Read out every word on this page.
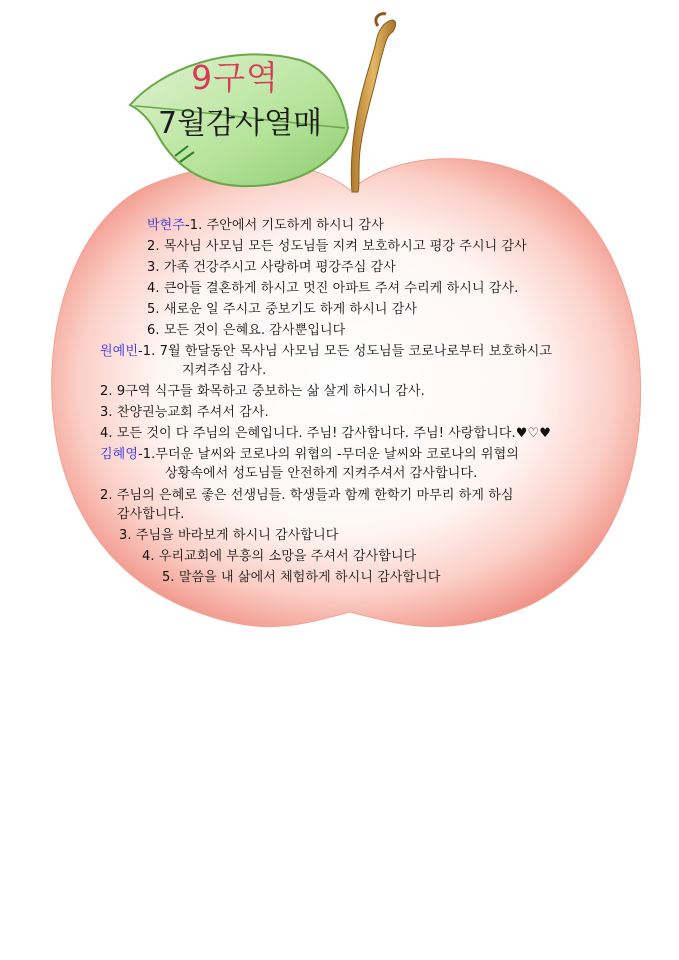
9구역
7월감사열매
박현주-1. 주안에서 기도하게 하시니 감사
2. 목사님 사모님 모든 성도님들 지켜 보호하시고 평강 주시니 감사
3. 가족 건강주시고 사랑하며 평강주심 감사
4. 큰아들 결혼하게 하시고 멋진 아파트 주셔 수리케 하시니 감사.
5. 새로운 일 주시고 중보기도 하게 하시니 감사
6. 모든 것이 은혜요. 감사뿐입니다
원예빈-1. 7월 한달동안 목사님 사모님 모든 성도님들 코로나로부터 보호하시고
지켜주심 감사.
2. 9구역 식구들 화목하고 중보하는 삶 살게 하시니 감사.
3. 찬양권능교회 주셔서 감사.
4. 모든 것이 다 주님의 은혜입니다. 주님! 감사합니다. 주님! 사랑합니다.♥♡♥
김혜영-1.무더운 날씨와 코로나의 위협의 -무더운 날씨와 코로나의 위협의
상황속에서 성도님들 안전하게 지켜주셔서 감사합니다.
2. 주님의 은혜로 좋은 선생님들. 학생들과 함께 한학기 마무리 하게 하심
감사합니다.
3. 주님을 바라보게 하시니 감사합니다
4. 우리교회에 부흥의 소망을 주셔서 감사합니다
5. 말씀을 내 삶에서 체험하게 하시니 감사합니다
